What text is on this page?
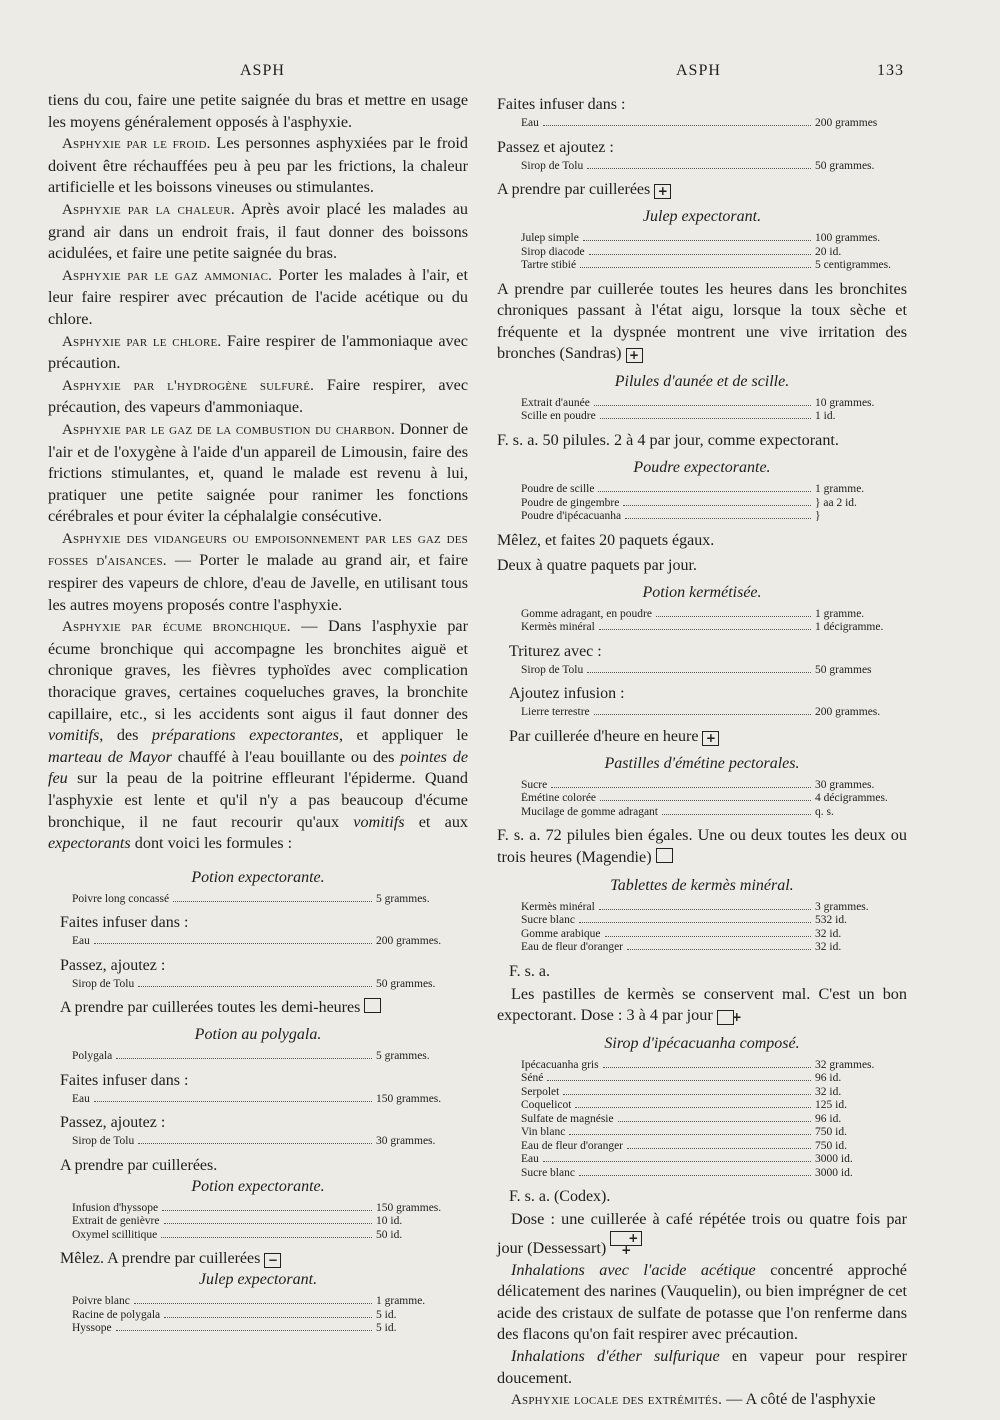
ASPH	ASPH	133

tiens du cou, faire une petite saignée du bras et mettre en usage les moyens généralement opposés à l'asphyxie.

Asphyxie par le froid. Les personnes asphyxiées par le froid doivent être réchauffées peu à peu par les frictions, la chaleur artificielle et les boissons vineuses ou stimulantes.

Asphyxie par la chaleur. Après avoir placé les malades au grand air dans un endroit frais, il faut donner des boissons acidulées, et faire une petite saignée du bras.

Asphyxie par le gaz ammoniac. Porter les malades à l'air, et leur faire respirer avec précaution de l'acide acétique ou du chlore.

Asphyxie par le chlore. Faire respirer de l'ammoniaque avec précaution.

Asphyxie par l'hydrogène sulfuré. Faire respirer, avec précaution, des vapeurs d'ammoniaque.

Asphyxie par le gaz de la combustion du charbon. Donner de l'air et de l'oxygène à l'aide d'un appareil de Limousin, faire des frictions stimulantes, et, quand le malade est revenu à lui, pratiquer une petite saignée pour ranimer les fonctions cérébrales et pour éviter la céphalalgie consécutive.

Asphyxie des vidangeurs ou empoisonnement par les gaz des fosses d'aisances. — Porter le malade au grand air, et faire respirer des vapeurs de chlore, d'eau de Javelle, en utilisant tous les autres moyens proposés contre l'asphyxie.

Asphyxie par écume bronchique. — Dans l'asphyxie par écume bronchique qui accompagne les bronchites aiguë et chronique graves, les fièvres typhoïdes avec complication thoracique graves, certaines coqueluches graves, la bronchite capillaire, etc., si les accidents sont aigus il faut donner des vomitifs, des préparations expectorantes, et appliquer le marteau de Mayor chauffé à l'eau bouillante ou des pointes de feu sur la peau de la poitrine effleurant l'épiderme. Quand l'asphyxie est lente et qu'il n'y a pas beaucoup d'écume bronchique, il ne faut recourir qu'aux vomitifs et aux expectorants dont voici les formules :

Potion expectorante.
Poivre long concassé	5 grammes.
Faites infuser dans :
Eau	200 grammes.
Passez, ajoutez :
Sirop de Tolu	50 grammes.
A prendre par cuillerées toutes les demi-heures
Potion au polygala.
Polygala	5 grammes.
Faites infuser dans :
Eau	150 grammes.
Passez, ajoutez :
Sirop de Tolu	30 grammes.
A prendre par cuillerées.
Potion expectorante.
Infusion d'hyssope	150 grammes.
Extrait de genièvre	10 id.
Oxymel scillitique	50 id.
Mêlez. A prendre par cuillerées −
Julep expectorant.
Poivre blanc	1 gramme.
Racine de polygala	5 id.
Hyssope	5 id.
Faites infuser dans :
Eau	200 grammes
Passez et ajoutez :
Sirop de Tolu	50 grammes.
A prendre par cuillerées +
Julep expectorant.
Julep simple	100 grammes.
Sirop diacode	20 id.
Tartre stibié	5 centigrammes.

A prendre par cuillerée toutes les heures dans les bronchites chroniques passant à l'état aigu, lorsque la toux sèche et fréquente et la dyspnée montrent une vive irritation des bronches (Sandras) +

Pilules d'aunée et de scille.
Extrait d'aunée	10 grammes.
Scille en poudre	1 id.

F. s. a. 50 pilules. 2 à 4 par jour, comme expectorant.

Poudre expectorante.
Poudre de scille	1 gramme.
Poudre de gingembre	} aa 2 id.
Poudre d'ipécacuanha	}
Mêlez, et faites 20 paquets égaux.
Deux à quatre paquets par jour.
Potion kermétisée.
Gomme adragant, en poudre	1 gramme.
Kermès minéral	1 décigramme.
Triturez avec :
Sirop de Tolu	50 grammes
Ajoutez infusion :
Lierre terrestre	200 grammes.
Par cuillerée d'heure en heure +
Pastilles d'émétine pectorales.
Sucre	30 grammes.
Émétine colorée	4 décigrammes.
Mucilage de gomme adragant	q. s.

F. s. a. 72 pilules bien égales. Une ou deux toutes les deux ou trois heures (Magendie)

Tablettes de kermès minéral.
Kermès minéral	3 grammes.
Sucre blanc	532 id.
Gomme arabique	32 id.
Eau de fleur d'oranger	32 id.
F. s. a.

Les pastilles de kermès se conservent mal. C'est un bon expectorant. Dose : 3 à 4 par jour +

Sirop d'ipécacuanha composé.
Ipécacuanha gris	32 grammes.
Séné	96 id.
Serpolet	32 id.
Coquelicot	125 id.
Sulfate de magnésie	96 id.
Vin blanc	750 id.
Eau de fleur d'oranger	750 id.
Eau	3000 id.
Sucre blanc	3000 id.
F. s. a. (Codex).

Dose : une cuillerée à café répétée trois ou quatre fois par jour (Dessessart)+ +

Inhalations avec l'acide acétique concentré approché délicatement des narines (Vauquelin), ou bien imprégner de cet acide des cristaux de sulfate de potasse que l'on renferme dans des flacons qu'on fait respirer avec précaution.

Inhalations d'éther sulfurique en vapeur pour respirer doucement.

Asphyxie locale des extrémités. — A côté de l'asphyxie
